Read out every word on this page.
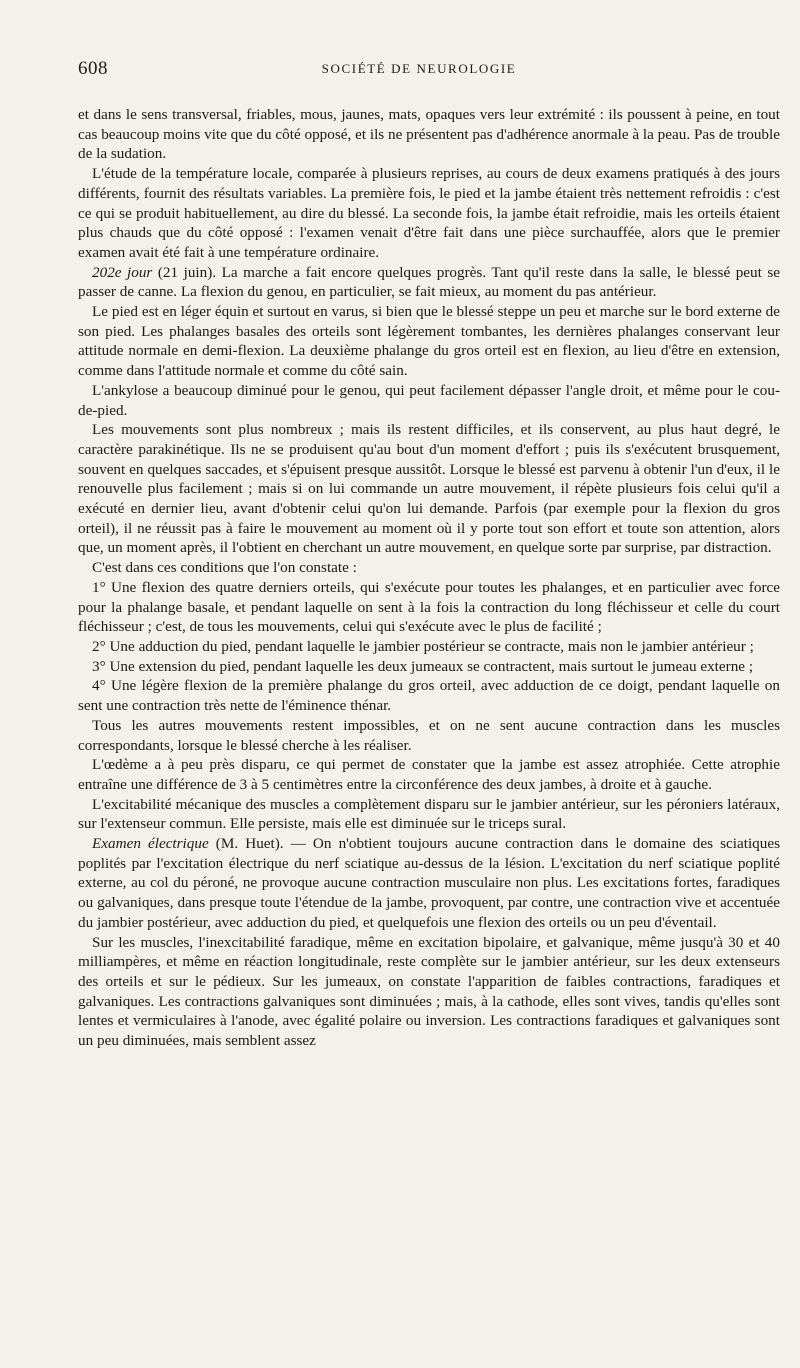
608	SOCIÉTÉ DE NEUROLOGIE

et dans le sens transversal, friables, mous, jaunes, mats, opaques vers leur extrémité : ils poussent à peine, en tout cas beaucoup moins vite que du côté opposé, et ils ne présentent pas d'adhérence anormale à la peau. Pas de trouble de la sudation.

L'étude de la température locale, comparée à plusieurs reprises, au cours de deux examens pratiqués à des jours différents, fournit des résultats variables. La première fois, le pied et la jambe étaient très nettement refroidis : c'est ce qui se produit habituellement, au dire du blessé. La seconde fois, la jambe était refroidie, mais les orteils étaient plus chauds que du côté opposé : l'examen venait d'être fait dans une pièce surchauffée, alors que le premier examen avait été fait à une température ordinaire.

202e jour (21 juin). La marche a fait encore quelques progrès. Tant qu'il reste dans la salle, le blessé peut se passer de canne. La flexion du genou, en particulier, se fait mieux, au moment du pas antérieur.

Le pied est en léger équin et surtout en varus, si bien que le blessé steppe un peu et marche sur le bord externe de son pied. Les phalanges basales des orteils sont légèrement tombantes, les dernières phalanges conservant leur attitude normale en demi-flexion. La deuxième phalange du gros orteil est en flexion, au lieu d'être en extension, comme dans l'attitude normale et comme du côté sain.

L'ankylose a beaucoup diminué pour le genou, qui peut facilement dépasser l'angle droit, et même pour le cou-de-pied.

Les mouvements sont plus nombreux ; mais ils restent difficiles, et ils conservent, au plus haut degré, le caractère parakinétique. Ils ne se produisent qu'au bout d'un moment d'effort ; puis ils s'exécutent brusquement, souvent en quelques saccades, et s'épuisent presque aussitôt. Lorsque le blessé est parvenu à obtenir l'un d'eux, il le renouvelle plus facilement ; mais si on lui commande un autre mouvement, il répète plusieurs fois celui qu'il a exécuté en dernier lieu, avant d'obtenir celui qu'on lui demande. Parfois (par exemple pour la flexion du gros orteil), il ne réussit pas à faire le mouvement au moment où il y porte tout son effort et toute son attention, alors que, un moment après, il l'obtient en cherchant un autre mouvement, en quelque sorte par surprise, par distraction.

C'est dans ces conditions que l'on constate :

1° Une flexion des quatre derniers orteils, qui s'exécute pour toutes les phalanges, et en particulier avec force pour la phalange basale, et pendant laquelle on sent à la fois la contraction du long fléchisseur et celle du court fléchisseur ; c'est, de tous les mouvements, celui qui s'exécute avec le plus de facilité ;

2° Une adduction du pied, pendant laquelle le jambier postérieur se contracte, mais non le jambier antérieur ;

3° Une extension du pied, pendant laquelle les deux jumeaux se contractent, mais surtout le jumeau externe ;

4° Une légère flexion de la première phalange du gros orteil, avec adduction de ce doigt, pendant laquelle on sent une contraction très nette de l'éminence thénar.

Tous les autres mouvements restent impossibles, et on ne sent aucune contraction dans les muscles correspondants, lorsque le blessé cherche à les réaliser.

L'œdème a à peu près disparu, ce qui permet de constater que la jambe est assez atrophiée. Cette atrophie entraîne une différence de 3 à 5 centimètres entre la circonférence des deux jambes, à droite et à gauche.

L'excitabilité mécanique des muscles a complètement disparu sur le jambier antérieur, sur les péroniers latéraux, sur l'extenseur commun. Elle persiste, mais elle est diminuée sur le triceps sural.

Examen électrique (M. Huet). — On n'obtient toujours aucune contraction dans le domaine des sciatiques poplités par l'excitation électrique du nerf sciatique au-dessus de la lésion. L'excitation du nerf sciatique poplité externe, au col du péroné, ne provoque aucune contraction musculaire non plus. Les excitations fortes, faradiques ou galvaniques, dans presque toute l'étendue de la jambe, provoquent, par contre, une contraction vive et accentuée du jambier postérieur, avec adduction du pied, et quelquefois une flexion des orteils ou un peu d'éventail.

Sur les muscles, l'inexcitabilité faradique, même en excitation bipolaire, et galvanique, même jusqu'à 30 et 40 milliampères, et même en réaction longitudinale, reste complète sur le jambier antérieur, sur les deux extenseurs des orteils et sur le pédieux. Sur les jumeaux, on constate l'apparition de faibles contractions, faradiques et galvaniques. Les contractions galvaniques sont diminuées ; mais, à la cathode, elles sont vives, tandis qu'elles sont lentes et vermiculaires à l'anode, avec égalité polaire ou inversion. Les contractions faradiques et galvaniques sont un peu diminuées, mais semblent assez
